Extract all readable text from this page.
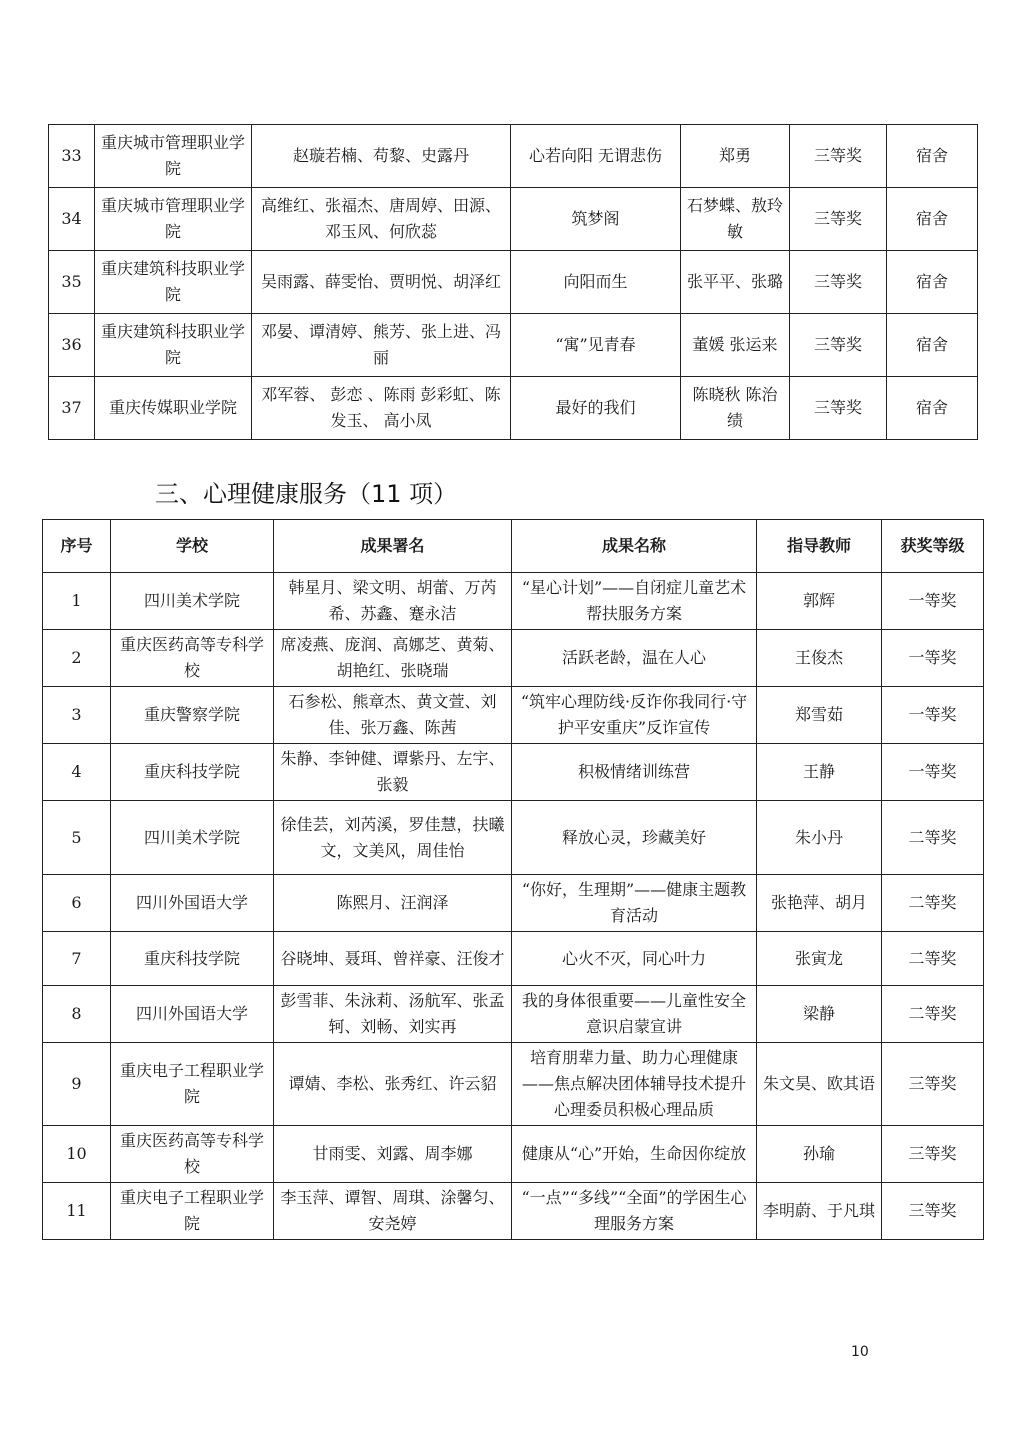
33	重庆城市管理职业学院	赵璇若楠、苟黎、史露丹	心若向阳 无谓悲伤	郑勇	三等奖	宿舍
34	重庆城市管理职业学院	高维红、张福杰、唐周婷、田源、邓玉风、何欣蕊	筑梦阁	石梦蝶、敖玲敏	三等奖	宿舍
35	重庆建筑科技职业学院	吴雨露、薛雯怡、贾明悦、胡泽红	向阳而生	张平平、张璐	三等奖	宿舍
36	重庆建筑科技职业学院	邓晏、谭清婷、熊芳、张上进、冯丽	“寓”见青春	董媛 张运来	三等奖	宿舍
37	重庆传媒职业学院	邓军蓉、 彭恋 、陈雨 彭彩虹、陈发玉、 高小凤	最好的我们	陈晓秋 陈治绩	三等奖	宿舍
三、心理健康服务（11 项）
序号	学校	成果署名	成果名称	指导教师	获奖等级
1	四川美术学院	韩星月、梁文明、胡蕾、万芮希、苏鑫、蹇永洁	“星心计划”——自闭症儿童艺术帮扶服务方案	郭辉	一等奖
2	重庆医药高等专科学校	席凌燕、庞润、高娜芝、黄菊、胡艳红、张晓瑞	活跃老龄，温在人心	王俊杰	一等奖
3	重庆警察学院	石参松、熊章杰、黄文萱、刘佳、张万鑫、陈茜	“筑牢心理防线·反诈你我同行·守护平安重庆”反诈宣传	郑雪茹	一等奖
4	重庆科技学院	朱静、李钟健、谭紫丹、左宇、张毅	积极情绪训练营	王静	一等奖
5	四川美术学院	徐佳芸，刘芮溪，罗佳慧，扶曦文，文美风，周佳怡	释放心灵，珍藏美好	朱小丹	二等奖
6	四川外国语大学	陈熙月、汪润泽	“你好，生理期”——健康主题教育活动	张艳萍、胡月	二等奖
7	重庆科技学院	谷晓坤、聂珥、曾祥豪、汪俊才	心火不灭，同心叶力	张寅龙	二等奖
8	四川外国语大学	彭雪菲、朱泳莉、汤航军、张孟轲、刘畅、刘实再	我的身体很重要——儿童性安全意识启蒙宣讲	梁静	二等奖
9	重庆电子工程职业学院	谭婧、李松、张秀红、许云貂	培育朋辈力量、助力心理健康——焦点解决团体辅导技术提升心理委员积极心理品质	朱文昊、欧其语	三等奖
10	重庆医药高等专科学校	甘雨雯、刘露、周李娜	健康从“心”开始，生命因你绽放	孙瑜	三等奖
11	重庆电子工程职业学院	李玉萍、谭智、周琪、涂馨匀、安尧婷	“一点”“多线”“全面”的学困生心理服务方案	李明蔚、于凡琪	三等奖
10
